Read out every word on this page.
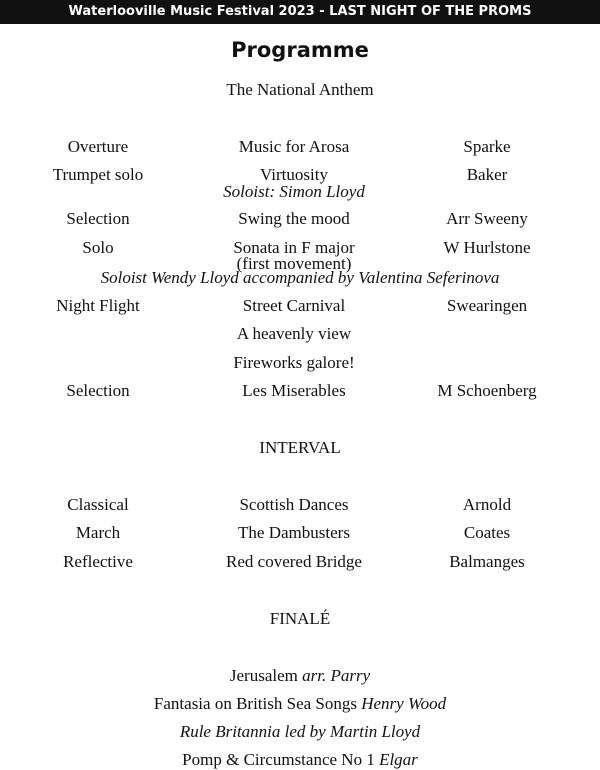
Waterlooville Music Festival 2023 - LAST NIGHT OF THE PROMS
Programme
The National Anthem
Overture	Music for Arosa	Sparke
Trumpet solo	Virtuosity	Baker
Soloist: Simon Lloyd
Selection	Swing the mood	Arr Sweeny
Solo	Sonata in F major	W Hurlstone
(first movement)
Soloist Wendy Lloyd accompanied by Valentina Seferinova
Night Flight	Street Carnival	Swearingen
A heavenly view
Fireworks galore!
Selection	Les Miserables	M Schoenberg
INTERVAL
Classical	Scottish Dances	Arnold
March	The Dambusters	Coates
Reflective	Red covered Bridge	Balmanges
FINALÉ
Jerusalem arr. Parry
Fantasia on British Sea Songs Henry Wood
Rule Britannia led by Martin Lloyd
Pomp & Circumstance No 1 Elgar
